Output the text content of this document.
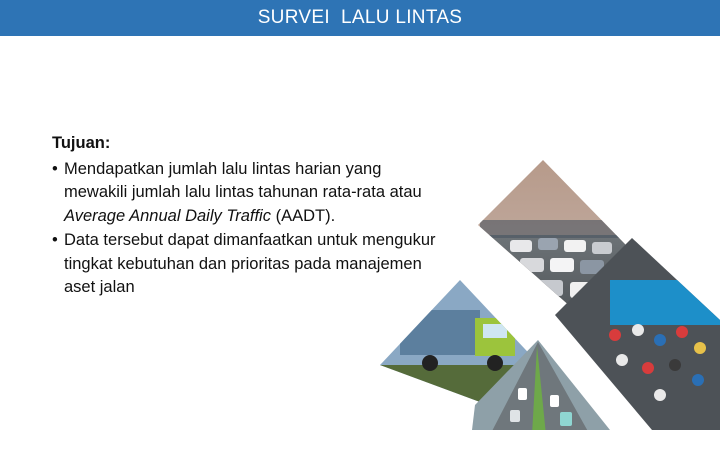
SURVEI  LALU LINTAS
Tujuan:
• Mendapatkan jumlah lalu lintas harian yang mewakili jumlah lalu lintas tahunan rata-rata atau Average Annual Daily Traffic (AADT).
• Data tersebut dapat dimanfaatkan untuk mengukur tingkat kebutuhan dan prioritas pada manajemen aset jalan
